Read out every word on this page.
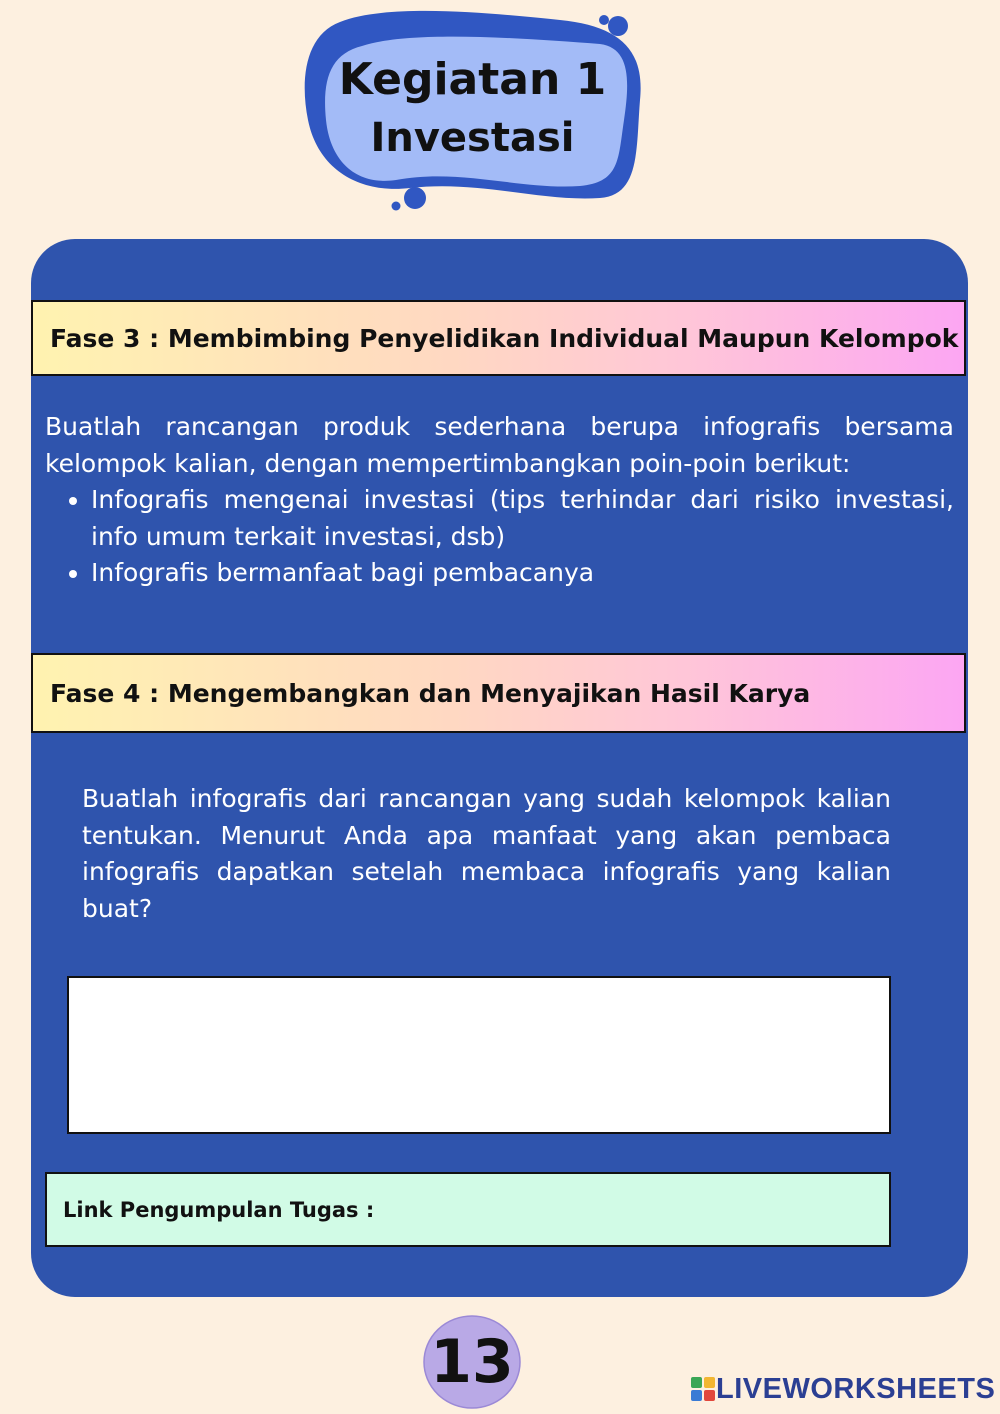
Kegiatan 1
Investasi
Fase 3 : Membimbing Penyelidikan Individual Maupun Kelompok

Buatlah rancangan produk sederhana berupa infografis bersama kelompok kalian, dengan mempertimbangkan poin-poin berikut:

• Infografis mengenai investasi (tips terhindar dari risiko investasi, info umum terkait investasi, dsb)
• Infografis bermanfaat bagi pembacanya
Fase 4 : Mengembangkan dan Menyajikan Hasil Karya

Buatlah infografis dari rancangan yang sudah kelompok kalian tentukan. Menurut Anda apa manfaat yang akan pembaca infografis dapatkan setelah membaca infografis yang kalian buat?

Link Pengumpulan Tugas :
13	LIVEWORKSHEETS
